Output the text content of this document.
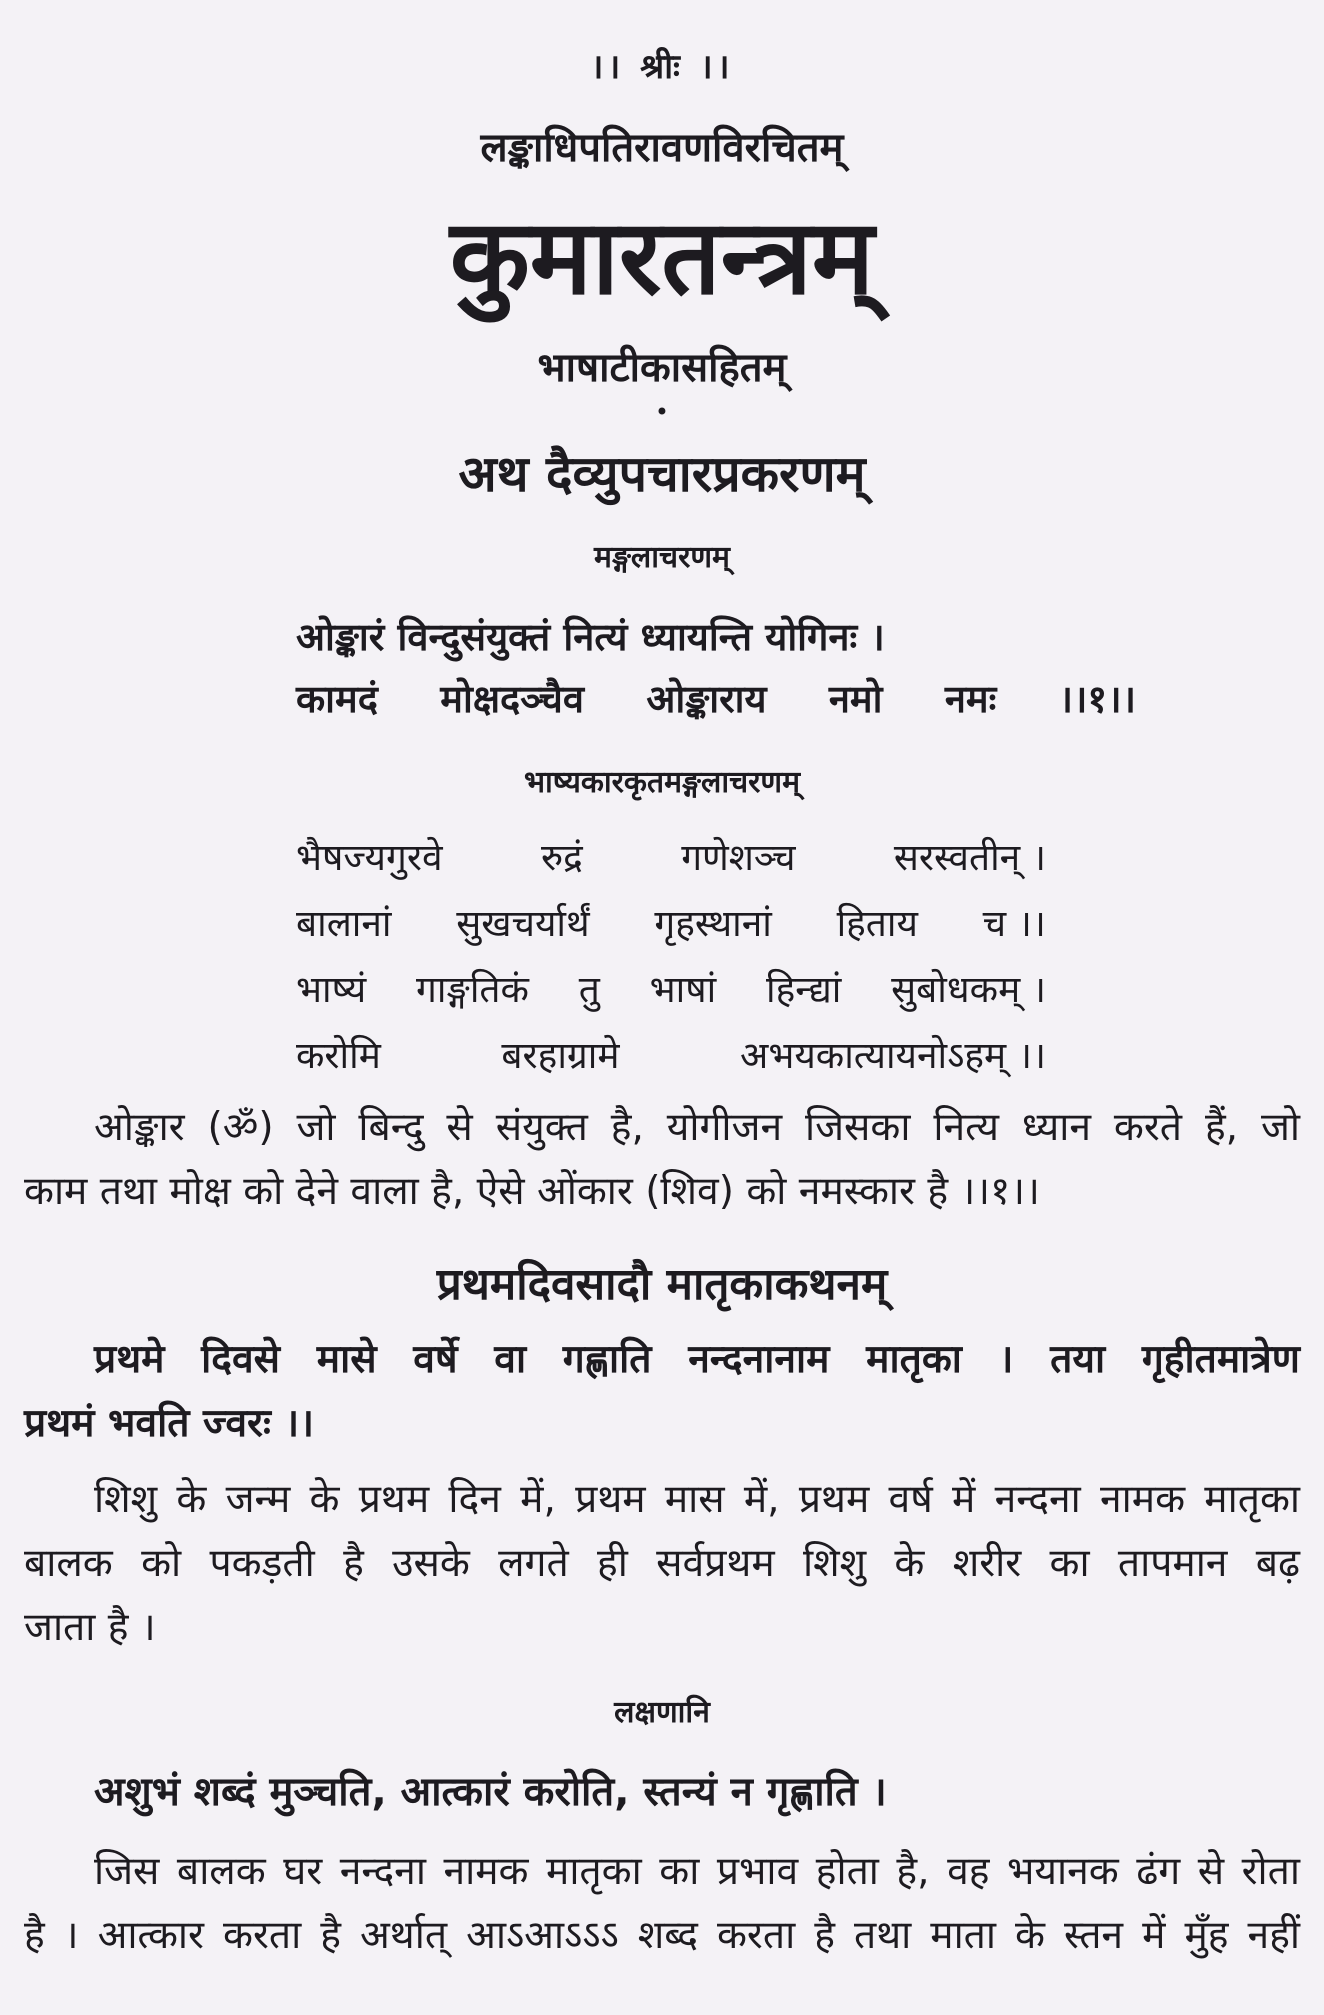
।। श्रीः ।।
लङ्काधिपतिरावणविरचितम्
कुमारतन्त्रम्
भाषाटीकासहितम्
•
अथ दैव्युपचारप्रकरणम्
मङ्गलाचरणम्
ओङ्कारं विन्दुसंयुक्तं नित्यं ध्यायन्ति योगिनः ।
कामदं मोक्षदञ्चैव ओङ्काराय नमो नमः ।।१।।
भाष्यकारकृतमङ्गलाचरणम्
भैषज्यगुरवे	रुद्रं	गणेशञ्च	सरस्वतीन् ।
बालानां सुखचर्यार्थं गृहस्थानां हिताय च ।।
भाष्यं गाङ्गतिकं तु भाषां हिन्द्यां सुबोधकम् ।
करोमि	बरहाग्रामे	अभयकात्यायनोऽहम् ।।
ओङ्कार (ॐ) जो बिन्दु से संयुक्त है, योगीजन जिसका नित्य ध्यान करते हैं, जो
काम तथा मोक्ष को देने वाला है, ऐसे ओंकार (शिव) को नमस्कार है ।।१।।
प्रथमदिवसादौ मातृकाकथनम्
प्रथमे दिवसे मासे वर्षे वा गह्णाति नन्दनानाम मातृका । तया गृहीतमात्रेण
प्रथमं भवति ज्वरः ।।
शिशु के जन्म के प्रथम दिन में, प्रथम मास में, प्रथम वर्ष में नन्दना नामक मातृका
बालक को पकड़ती है उसके लगते ही सर्वप्रथम शिशु के शरीर का तापमान बढ़
जाता है ।
लक्षणानि
अशुभं शब्दं मुञ्चति, आत्कारं करोति, स्तन्यं न गृह्णाति ।
जिस बालक घर नन्दना नामक मातृका का प्रभाव होता है, वह भयानक ढंग से रोता
है । आत्कार करता है अर्थात् आऽआऽऽऽ शब्द करता है तथा माता के स्तन में मुँह नहीं
